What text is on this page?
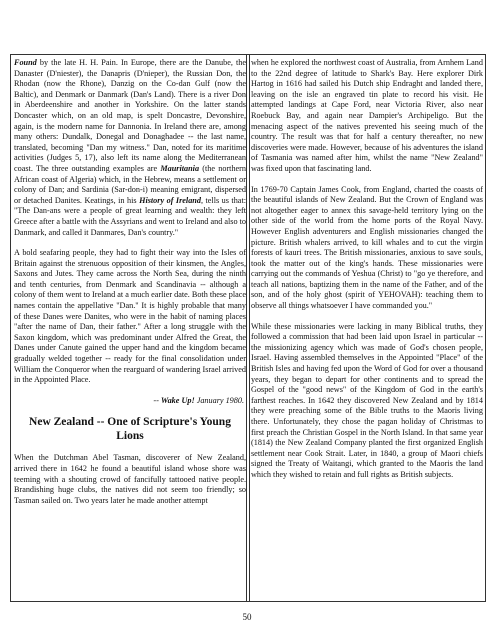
Found by the late H. H. Pain. In Europe, there are the Danube, the Danaster (D'niester), the Danapris (D'nieper), the Russian Don, the Rhodan (now the Rhone), Danzig on the Co-dan Gulf (now the Baltic), and Denmark or Danmark (Dan's Land). There is a river Don in Aberdeenshire and another in Yorkshire. On the latter stands Doncaster which, on an old map, is spelt Doncastre, Devonshire, again, is the modern name for Dannonia. In Ireland there are, among many others: Dundalk, Donegal and Donaghadee -- the last name, translated, becoming "Dan my witness." Dan, noted for its maritime activities (Judges 5, 17), also left its name along the Mediterranean coast. The three outstanding examples are Mauritania (the northern African coast of Algeria) which, in the Hebrew, means a settlement or colony of Dan; and Sardinia (Sar-don-i) meaning emigrant, dispersed or detached Danites. Keatings, in his History of Ireland, tells us that: "The Dan-ans were a people of great learning and wealth: they left Greece after a battle with the Assyrians and went to Ireland and also to Danmark, and called it Danmares, Dan's country."

A bold seafaring people, they had to fight their way into the Isles of Britain against the strenuous opposition of their kinsmen, the Angles, Saxons and Jutes. They came across the North Sea, during the ninth and tenth centuries, from Denmark and Scandinavia -- although a colony of them went to Ireland at a much earlier date. Both these place names contain the appellative "Dan." It is highly probable that many of these Danes were Danites, who were in the habit of naming places "after the name of Dan, their father." After a long struggle with the Saxon kingdom, which was predominant under Alfred the Great, the Danes under Canute gained the upper hand and the kingdom became gradually welded together -- ready for the final consolidation under William the Conqueror when the rearguard of wandering Israel arrived in the Appointed Place.

-- Wake Up! January 1980.
New Zealand -- One of Scripture's Young Lions

When the Dutchman Abel Tasman, discoverer of New Zealand, arrived there in 1642 he found a beautiful island whose shore was teeming with a shouting crowd of fancifully tattooed native people. Brandishing huge clubs, the natives did not seem too friendly; so Tasman sailed on. Two years later he made another attempt

when he explored the northwest coast of Australia, from Arnhem Land to the 22nd degree of latitude to Shark's Bay. Here explorer Dirk Hartog in 1616 had sailed his Dutch ship Endraght and landed there, leaving on the isle an engraved tin plate to record his visit. He attempted landings at Cape Ford, near Victoria River, also near Roebuck Bay, and again near Dampier's Archipeligo. But the menacing aspect of the natives prevented his seeing much of the country. The result was that for half a century thereafter, no new discoveries were made. However, because of his adventures the island of Tasmania was named after him, whilst the name "New Zealand" was fixed upon that fascinating land.

In 1769-70 Captain James Cook, from England, charted the coasts of the beautiful islands of New Zealand. But the Crown of England was not altogether eager to annex this savage-held territory lying on the other side of the world from the home ports of the Royal Navy. However English adventurers and English missionaries changed the picture. British whalers arrived, to kill whales and to cut the virgin forests of kauri trees. The British missionaries, anxious to save souls, took the matter out of the king's hands. These missionaries were carrying out the commands of Yeshua (Christ) to "go ye therefore, and teach all nations, baptizing them in the name of the Father, and of the son, and of the holy ghost (spirit of YEHOVAH): teaching them to observe all things whatsoever I have commanded you."

While these missionaries were lacking in many Biblical truths, they followed a commission that had been laid upon Israel in particular -- the missionizing agency which was made of God's chosen people, Israel. Having assembled themselves in the Appointed "Place" of the British Isles and having fed upon the Word of God for over a thousand years, they began to depart for other continents and to spread the Gospel of the "good news" of the Kingdom of God in the earth's farthest reaches. In 1642 they discovered New Zealand and by 1814 they were preaching some of the Bible truths to the Maoris living there. Unfortunately, they chose the pagan holiday of Christmas to first preach the Christian Gospel in the North Island. In that same year (1814) the New Zealand Company planted the first organized English settlement near Cook Strait. Later, in 1840, a group of Maori chiefs signed the Treaty of Waitangi, which granted to the Maoris the land which they wished to retain and full rights as British subjects.

50
